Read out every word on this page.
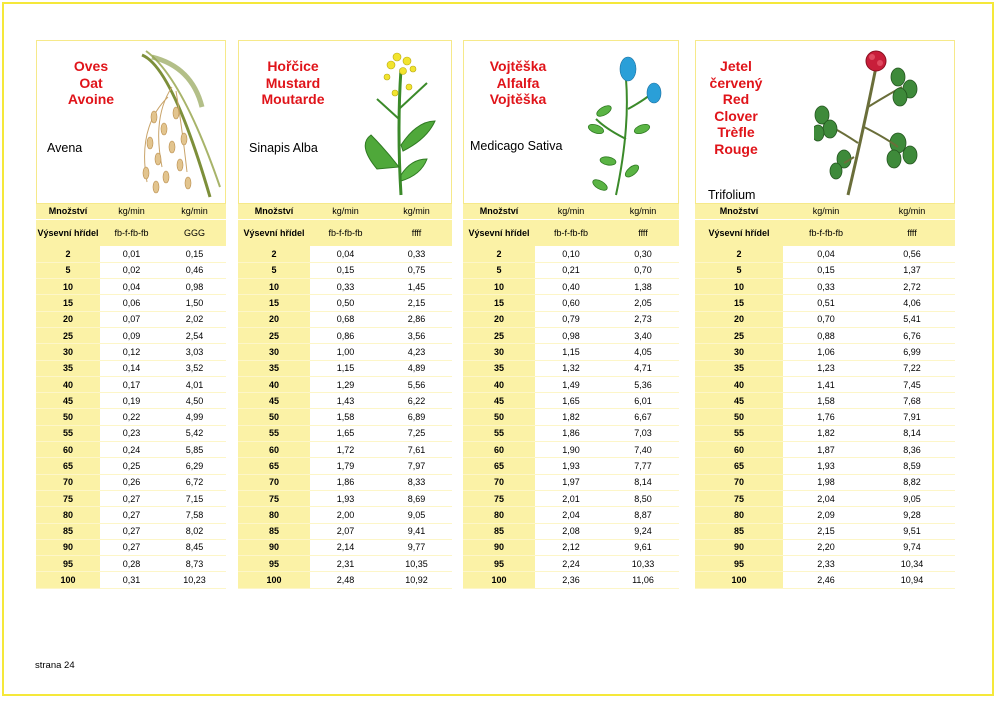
Oves
Oat
Avoine
Avena
Množství	kg/min	kg/min
Výsevní hřídel	fb-f-fb-fb	GGG
2	0,01	0,15
5	0,02	0,46
10	0,04	0,98
15	0,06	1,50
20	0,07	2,02
25	0,09	2,54
30	0,12	3,03
35	0,14	3,52
40	0,17	4,01
45	0,19	4,50
50	0,22	4,99
55	0,23	5,42
60	0,24	5,85
65	0,25	6,29
70	0,26	6,72
75	0,27	7,15
80	0,27	7,58
85	0,27	8,02
90	0,27	8,45
95	0,28	8,73
100	0,31	10,23
Hořčice
Mustard
Moutarde
Sinapis Alba
Množství	kg/min	kg/min
Výsevní hřídel	fb-f-fb-fb	ffff
2	0,04	0,33
5	0,15	0,75
10	0,33	1,45
15	0,50	2,15
20	0,68	2,86
25	0,86	3,56
30	1,00	4,23
35	1,15	4,89
40	1,29	5,56
45	1,43	6,22
50	1,58	6,89
55	1,65	7,25
60	1,72	7,61
65	1,79	7,97
70	1,86	8,33
75	1,93	8,69
80	2,00	9,05
85	2,07	9,41
90	2,14	9,77
95	2,31	10,35
100	2,48	10,92
Vojtěška
Alfalfa
Vojtěška
Medicago Sativa
Množství	kg/min	kg/min
Výsevní hřídel	fb-f-fb-fb	ffff
2	0,10	0,30
5	0,21	0,70
10	0,40	1,38
15	0,60	2,05
20	0,79	2,73
25	0,98	3,40
30	1,15	4,05
35	1,32	4,71
40	1,49	5,36
45	1,65	6,01
50	1,82	6,67
55	1,86	7,03
60	1,90	7,40
65	1,93	7,77
70	1,97	8,14
75	2,01	8,50
80	2,04	8,87
85	2,08	9,24
90	2,12	9,61
95	2,24	10,33
100	2,36	11,06
Jetel
červený
Red
Clover
Trèfle
Rouge
Trifolium
Množství	kg/min	kg/min
Výsevní hřídel	fb-f-fb-fb	ffff
2	0,04	0,56
5	0,15	1,37
10	0,33	2,72
15	0,51	4,06
20	0,70	5,41
25	0,88	6,76
30	1,06	6,99
35	1,23	7,22
40	1,41	7,45
45	1,58	7,68
50	1,76	7,91
55	1,82	8,14
60	1,87	8,36
65	1,93	8,59
70	1,98	8,82
75	2,04	9,05
80	2,09	9,28
85	2,15	9,51
90	2,20	9,74
95	2,33	10,34
100	2,46	10,94
strana 24
